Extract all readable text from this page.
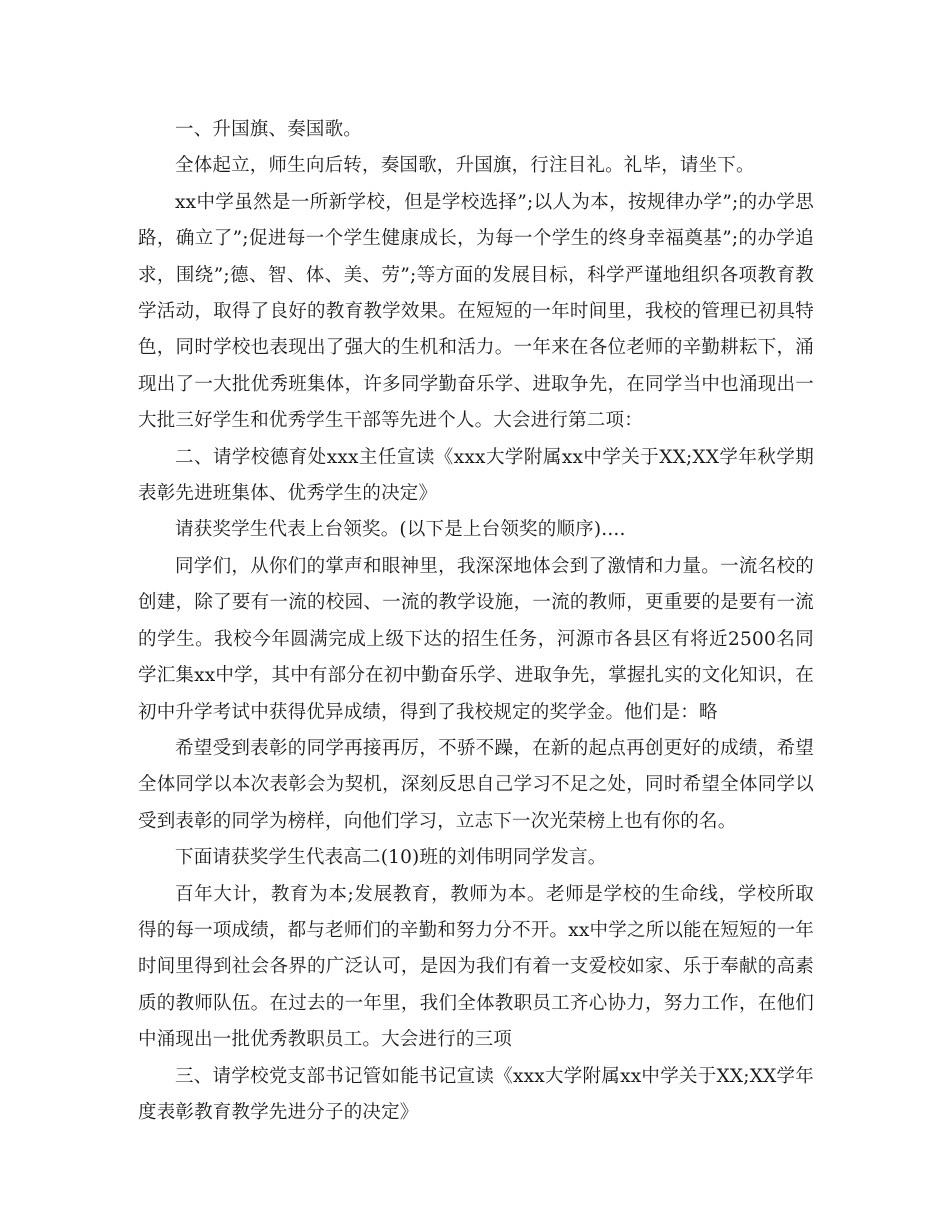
一、升国旗、奏国歌。

全体起立，师生向后转，奏国歌，升国旗，行注目礼。礼毕，请坐下。

xx中学虽然是一所新学校，但是学校选择”;以人为本，按规律办学”;的办学思路，确立了”;促进每一个学生健康成长，为每一个学生的终身幸福奠基”;的办学追求，围绕”;德、智、体、美、劳”;等方面的发展目标，科学严谨地组织各项教育教学活动，取得了良好的教育教学效果。在短短的一年时间里，我校的管理已初具特色，同时学校也表现出了强大的生机和活力。一年来在各位老师的辛勤耕耘下，涌现出了一大批优秀班集体，许多同学勤奋乐学、进取争先，在同学当中也涌现出一大批三好学生和优秀学生干部等先进个人。大会进行第二项：

二、请学校德育处xxx主任宣读《xxx大学附属xx中学关于XX;XX学年秋学期表彰先进班集体、优秀学生的决定》

请获奖学生代表上台领奖。(以下是上台领奖的顺序)....

同学们，从你们的掌声和眼神里，我深深地体会到了激情和力量。一流名校的创建，除了要有一流的校园、一流的教学设施，一流的教师，更重要的是要有一流的学生。我校今年圆满完成上级下达的招生任务，河源市各县区有将近2500名同学汇集xx中学，其中有部分在初中勤奋乐学、进取争先，掌握扎实的文化知识，在初中升学考试中获得优异成绩，得到了我校规定的奖学金。他们是：略

希望受到表彰的同学再接再厉，不骄不躁，在新的起点再创更好的成绩，希望全体同学以本次表彰会为契机，深刻反思自己学习不足之处，同时希望全体同学以受到表彰的同学为榜样，向他们学习，立志下一次光荣榜上也有你的名。

下面请获奖学生代表高二(10)班的刘伟明同学发言。

百年大计，教育为本;发展教育，教师为本。老师是学校的生命线，学校所取得的每一项成绩，都与老师们的辛勤和努力分不开。xx中学之所以能在短短的一年时间里得到社会各界的广泛认可，是因为我们有着一支爱校如家、乐于奉献的高素质的教师队伍。在过去的一年里，我们全体教职员工齐心协力，努力工作，在他们中涌现出一批优秀教职员工。大会进行的三项

三、请学校党支部书记管如能书记宣读《xxx大学附属xx中学关于XX;XX学年度表彰教育教学先进分子的决定》
